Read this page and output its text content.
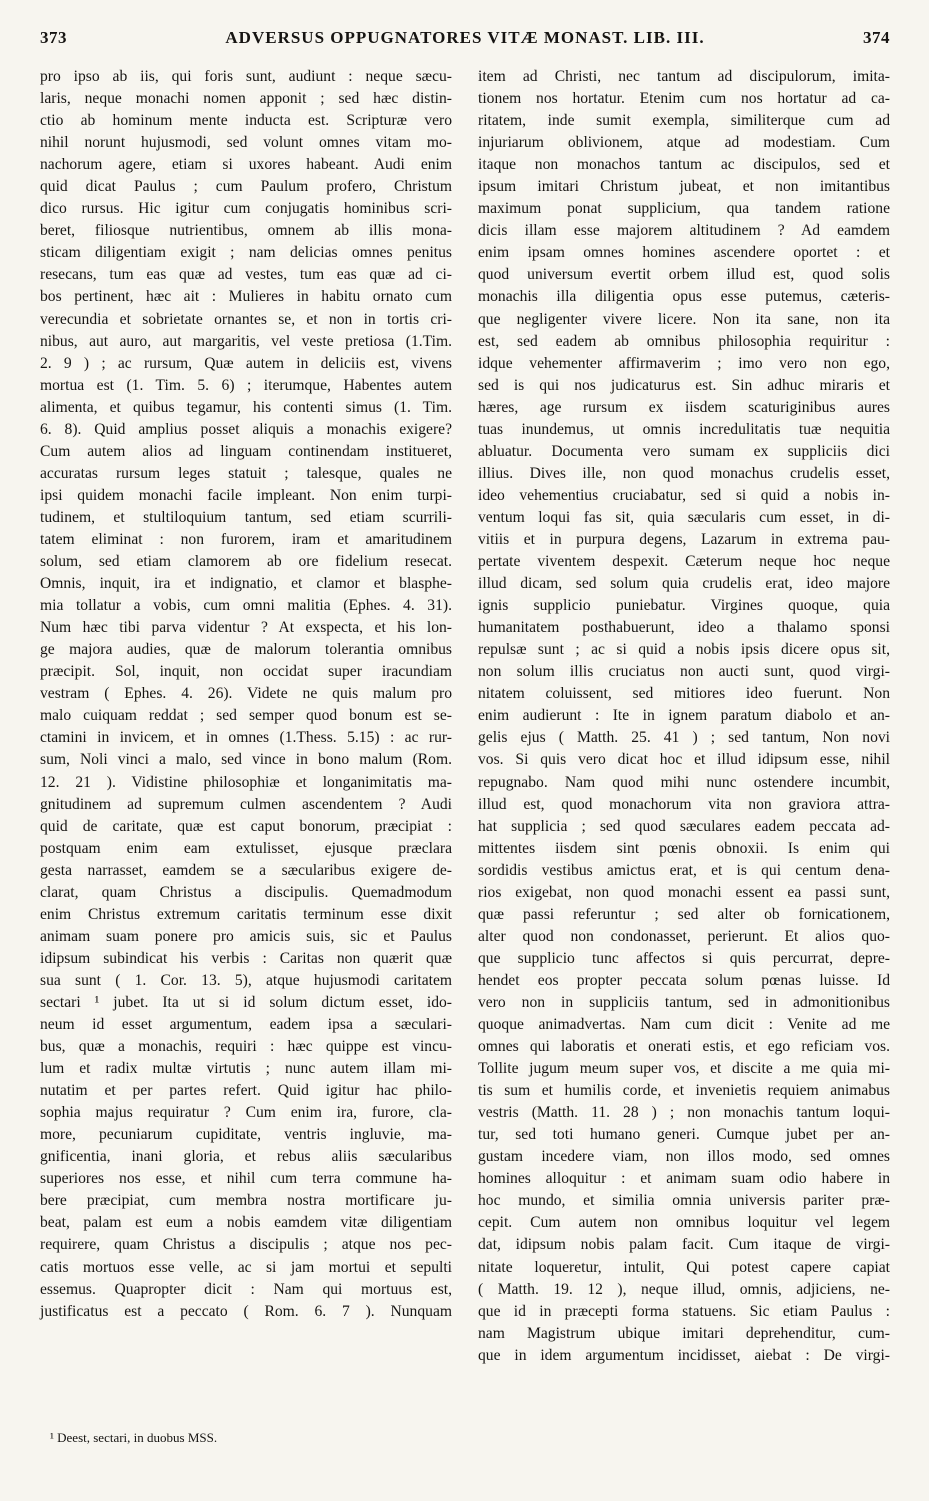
373	ADVERSUS OPPUGNATORES VITÆ MONAST. LIB. III.	374

pro ipso ab iis, qui foris sunt, audiunt : neque sæcu-

laris, neque monachi nomen apponit ; sed hæc distin-

ctio ab hominum mente inducta est. Scripturæ vero

nihil norunt hujusmodi, sed volunt omnes vitam mo-

nachorum agere, etiam si uxores habeant. Audi enim

quid dicat Paulus ; cum Paulum profero, Christum

dico rursus. Hic igitur cum conjugatis hominibus scri-

beret, filiosque nutrientibus, omnem ab illis mona-

sticam diligentiam exigit ; nam delicias omnes penitus

resecans, tum eas quæ ad vestes, tum eas quæ ad ci-

bos pertinent, hæc ait : Mulieres in habitu ornato cum

verecundia et sobrietate ornantes se, et non in tortis cri-

nibus, aut auro, aut margaritis, vel veste pretiosa (1.Tim.

2. 9 ) ; ac rursum, Quæ autem in deliciis est, vivens

mortua est (1. Tim. 5. 6) ; iterumque, Habentes autem

alimenta, et quibus tegamur, his contenti simus (1. Tim.

6. 8). Quid amplius posset aliquis a monachis exigere?

Cum autem alios ad linguam continendam institueret,

accuratas rursum leges statuit ; talesque, quales ne

ipsi quidem monachi facile impleant. Non enim turpi-

tudinem, et stultiloquium tantum, sed etiam scurrili-

tatem eliminat : non furorem, iram et amaritudinem

solum, sed etiam clamorem ab ore fidelium resecat.

Omnis, inquit, ira et indignatio, et clamor et blasphe-

mia tollatur a vobis, cum omni malitia (Ephes. 4. 31).

Num hæc tibi parva videntur ? At exspecta, et his lon-

ge majora audies, quæ de malorum tolerantia omnibus

præcipit. Sol, inquit, non occidat super iracundiam

vestram ( Ephes. 4. 26). Videte ne quis malum pro

malo cuiquam reddat ; sed semper quod bonum est se-

ctamini in invicem, et in omnes (1.Thess. 5.15) : ac rur-

sum, Noli vinci a malo, sed vince in bono malum (Rom.

12. 21 ). Vidistine philosophiæ et longanimitatis ma-

gnitudinem ad supremum culmen ascendentem ? Audi

quid de caritate, quæ est caput bonorum, præcipiat :

postquam enim eam extulisset, ejusque præclara

gesta narrasset, eamdem se a sæcularibus exigere de-

clarat, quam Christus a discipulis. Quemadmodum

enim Christus extremum caritatis terminum esse dixit

animam suam ponere pro amicis suis, sic et Paulus

idipsum subindicat his verbis : Caritas non quærit quæ

sua sunt ( 1. Cor. 13. 5), atque hujusmodi caritatem

sectari ¹ jubet. Ita ut si id solum dictum esset, ido-

neum id esset argumentum, eadem ipsa a sæculari-

bus, quæ a monachis, requiri : hæc quippe est vincu-

lum et radix multæ virtutis ; nunc autem illam mi-

nutatim et per partes refert. Quid igitur hac philo-

sophia majus requiratur ? Cum enim ira, furore, cla-

more, pecuniarum cupiditate, ventris ingluvie, ma-

gnificentia, inani gloria, et rebus aliis sæcularibus

superiores nos esse, et nihil cum terra commune ha-

bere præcipiat, cum membra nostra mortificare ju-

beat, palam est eum a nobis eamdem vitæ diligentiam

requirere, quam Christus a discipulis ; atque nos pec-

catis mortuos esse velle, ac si jam mortui et sepulti

essemus. Quapropter dicit : Nam qui mortuus est,

justificatus est a peccato ( Rom. 6. 7 ). Nunquam

item ad Christi, nec tantum ad discipulorum, imita-

tionem nos hortatur. Etenim cum nos hortatur ad ca-

ritatem, inde sumit exempla, similiterque cum ad

injuriarum oblivionem, atque ad modestiam. Cum

itaque non monachos tantum ac discipulos, sed et

ipsum imitari Christum jubeat, et non imitantibus

maximum ponat supplicium, qua tandem ratione

dicis illam esse majorem altitudinem ? Ad eamdem

enim ipsam omnes homines ascendere oportet : et

quod universum evertit orbem illud est, quod solis

monachis illa diligentia opus esse putemus, cæteris-

que negligenter vivere licere. Non ita sane, non ita

est, sed eadem ab omnibus philosophia requiritur :

idque vehementer affirmaverim ; imo vero non ego,

sed is qui nos judicaturus est. Sin adhuc miraris et

hæres, age rursum ex iisdem scaturiginibus aures

tuas inundemus, ut omnis incredulitatis tuæ nequitia

abluatur. Documenta vero sumam ex suppliciis dici

illius. Dives ille, non quod monachus crudelis esset,

ideo vehementius cruciabatur, sed si quid a nobis in-

ventum loqui fas sit, quia sæcularis cum esset, in di-

vitiis et in purpura degens, Lazarum in extrema pau-

pertate viventem despexit. Cæterum neque hoc neque

illud dicam, sed solum quia crudelis erat, ideo majore

ignis supplicio puniebatur. Virgines quoque, quia

humanitatem posthabuerunt, ideo a thalamo sponsi

repulsæ sunt ; ac si quid a nobis ipsis dicere opus sit,

non solum illis cruciatus non aucti sunt, quod virgi-

nitatem coluissent, sed mitiores ideo fuerunt. Non

enim audierunt : Ite in ignem paratum diabolo et an-

gelis ejus ( Matth. 25. 41 ) ; sed tantum, Non novi

vos. Si quis vero dicat hoc et illud idipsum esse, nihil

repugnabo. Nam quod mihi nunc ostendere incumbit,

illud est, quod monachorum vita non graviora attra-

hat supplicia ; sed quod sæculares eadem peccata ad-

mittentes iisdem sint pœnis obnoxii. Is enim qui

sordidis vestibus amictus erat, et is qui centum dena-

rios exigebat, non quod monachi essent ea passi sunt,

quæ passi referuntur ; sed alter ob fornicationem,

alter quod non condonasset, perierunt. Et alios quo-

que supplicio tunc affectos si quis percurrat, depre-

hendet eos propter peccata solum pœnas luisse. Id

vero non in suppliciis tantum, sed in admonitionibus

quoque animadvertas. Nam cum dicit : Venite ad me

omnes qui laboratis et onerati estis, et ego reficiam vos.

Tollite jugum meum super vos, et discite a me quia mi-

tis sum et humilis corde, et invenietis requiem animabus

vestris (Matth. 11. 28 ) ; non monachis tantum loqui-

tur, sed toti humano generi. Cumque jubet per an-

gustam incedere viam, non illos modo, sed omnes

homines alloquitur : et animam suam odio habere in

hoc mundo, et similia omnia universis pariter præ-

cepit. Cum autem non omnibus loquitur vel legem

dat, idipsum nobis palam facit. Cum itaque de virgi-

nitate loqueretur, intulit, Qui potest capere capiat

( Matth. 19. 12 ), neque illud, omnis, adjiciens, ne-

que id in præcepti forma statuens. Sic etiam Paulus :

nam Magistrum ubique imitari deprehenditur, cum-

que in idem argumentum incidisset, aiebat : De virgi-

¹ Deest, sectari, in duobus MSS.
